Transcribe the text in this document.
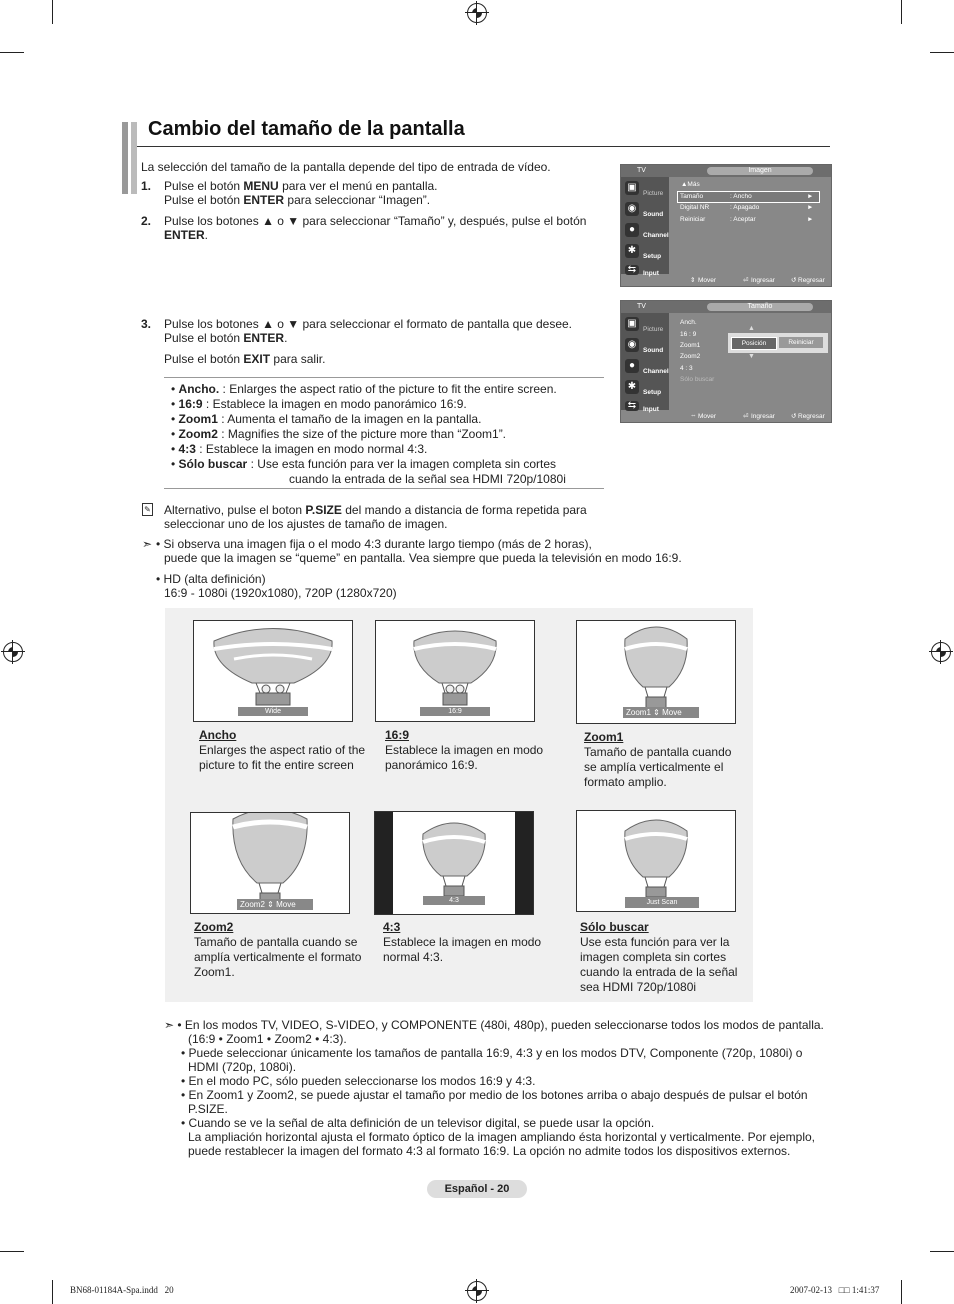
Cambio del tamaño de la pantalla
La selección del tamaño de la pantalla depende del tipo de entrada de vídeo.
1. Pulse el botón MENU para ver el menú en pantalla.
Pulse el botón ENTER para seleccionar “Imagen”.
2. Pulse los botones ▲ o ▼ para seleccionar “Tamaño” y, después, pulse el botón
ENTER.
3. Pulse los botones ▲ o ▼ para seleccionar el formato de pantalla que desee.
Pulse el botón ENTER.
Pulse el botón EXIT para salir.
• Ancho. : Enlarges the aspect ratio of the picture to fit the entire screen.
• 16:9 : Establece la imagen en modo panorámico 16:9.
• Zoom1 : Aumenta el tamaño de la imagen en la pantalla.
• Zoom2 : Magnifies the size of the picture more than “Zoom1”.
• 4:3 : Establece la imagen en modo normal 4:3.
• Sólo buscar : Use esta función para ver la imagen completa sin cortes
cuando la entrada de la señal sea HDMI 720p/1080i
✎ Alternativo, pulse el boton P.SIZE del mando a distancia de forma repetida para
seleccionar uno de los ajustes de tamaño de imagen.
➣ • Si observa una imagen fija o el modo 4:3 durante largo tiempo (más de 2 horas),
puede que la imagen se “queme” en pantalla. Vea siempre que pueda la televisión en modo 16:9.
• HD (alta definición)
16:9 - 1080i (1920x1080), 720P (1280x720)
TV	Imagen
▣
Picture
◉
Sound
●
Channel
✱
Setup
⇆	Input
▲Más
Tamaño	: Ancho	►
Digital NR	: Apagado	►
Reiniciar	: Aceptar	►
⇕ Mover	⏎ Ingresar ↺ Regresar
TV	Tamaño
▣
Picture
◉
Sound
●
Channel
✱
Setup
⇆	Input
Anch.
16 : 9
Zoom1
Zoom2
4 : 3
Sólo buscar
▲
Posición	Reiniciar
▼
⇔ Mover	⏎ Ingresar ↺ Regresar
Wide
Ancho
Enlarges the aspect ratio of the picture to fit the entire screen
16:9
16:9
Establece la imagen en modo panorámico 16:9.
Zoom1 ⇕ Move
Zoom1
Tamaño de pantalla cuando se amplía verticalmente el formato amplio.
Zoom2 ⇕ Move
Zoom2
Tamaño de pantalla cuando se amplía verticalmente el formato Zoom1.
4:3
4:3
Establece la imagen en modo normal 4:3.
Just Scan
Sólo buscar
Use esta función para ver la imagen completa sin cortes cuando la entrada de la señal sea HDMI 720p/1080i
➣ • En los modos TV, VIDEO, S-VIDEO, y COMPONENTE (480i, 480p), pueden seleccionarse todos los modos de pantalla.
(16:9 • Zoom1 • Zoom2 • 4:3).
• Puede seleccionar únicamente los tamaños de pantalla 16:9, 4:3 y en los modos DTV, Componente (720p, 1080i) o
HDMI (720p, 1080i).
• En el modo PC, sólo pueden seleccionarse los modos 16:9 y 4:3.
• En Zoom1 y Zoom2, se puede ajustar el tamaño por medio de los botones arriba o abajo después de pulsar el botón
P.SIZE.
• Cuando se ve la señal de alta definición de un televisor digital, se puede usar la opción.
La ampliación horizontal ajusta el formato óptico de la imagen ampliando ésta horizontal y verticalmente. Por ejemplo,
puede restablecer la imagen del formato 4:3 al formato 16:9. La opción no admite todos los dispositivos externos.
Español - 20
BN68-01184A-Spa.indd   20	2007-02-13   □□ 1:41:37
